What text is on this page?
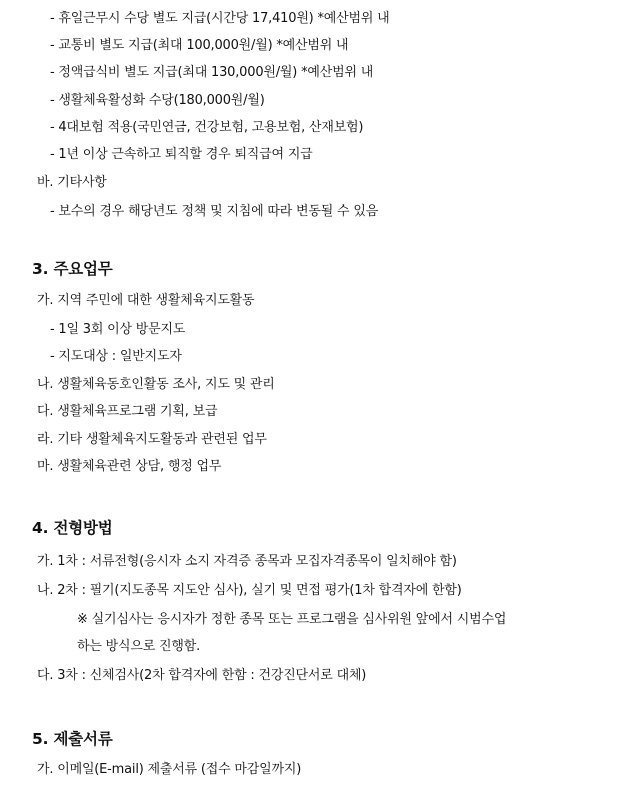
- 휴일근무시 수당 별도 지급(시간당 17,410원) *예산범위 내
- 교통비 별도 지급(최대 100,000원/월) *예산범위 내
- 정액급식비 별도 지급(최대 130,000원/월) *예산범위 내
- 생활체육활성화 수당(180,000원/월)
- 4대보험 적용(국민연금, 건강보험, 고용보험, 산재보험)
- 1년 이상 근속하고 퇴직할 경우 퇴직급여 지급
바. 기타사항
- 보수의 경우 해당년도 정책 및 지침에 따라 변동될 수 있음
3. 주요업무
가. 지역 주민에 대한 생활체육지도활동
- 1일 3회 이상 방문지도
- 지도대상 : 일반지도자
나. 생활체육동호인활동 조사, 지도 및 관리
다. 생활체육프로그램 기획, 보급
라. 기타 생활체육지도활동과 관련된 업무
마. 생활체육관련 상담, 행정 업무
4. 전형방법
가. 1차 : 서류전형(응시자 소지 자격증 종목과 모집자격종목이 일치해야 함)
나. 2차 : 필기(지도종목 지도안 심사), 실기 및 면접 평가(1차 합격자에 한함)
※ 실기심사는 응시자가 정한 종목 또는 프로그램을 심사위원 앞에서 시범수업
하는 방식으로 진행함.
다. 3차 : 신체검사(2차 합격자에 한함 : 건강진단서로 대체)
5. 제출서류
가. 이메일(E-mail) 제출서류 (접수 마감일까지)
